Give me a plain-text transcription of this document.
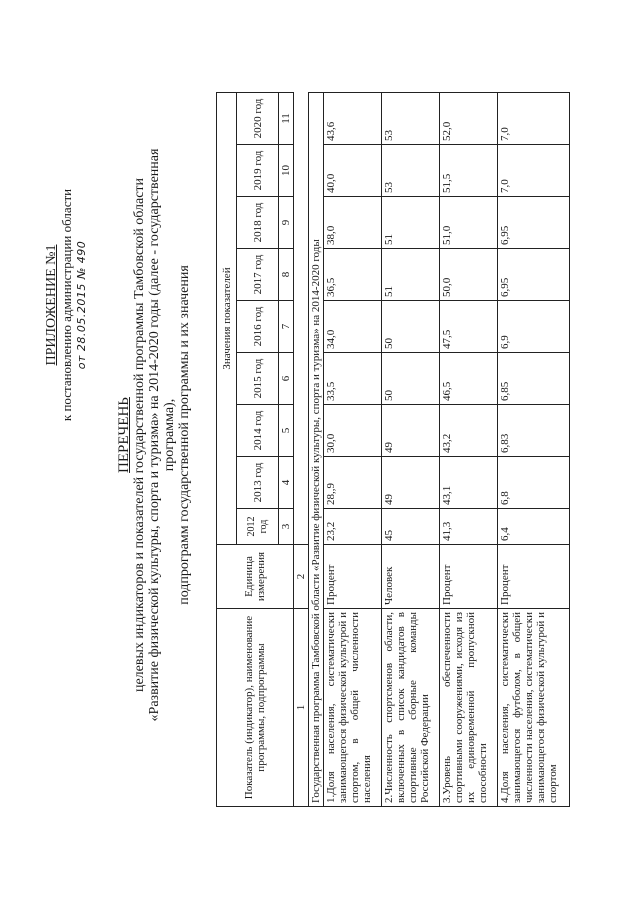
ПРИЛОЖЕНИЕ №1 к постановлению администрации области от 28.05.2015 № 490
ПЕРЕЧЕНЬ целевых индикаторов и показателей государственной программы Тамбовской области «Развитие физической культуры, спорта и туризма» на 2014-2020 годы (далее - государственная программа), подпрограмм государственной программы и их значения
Показатель (индикатор), наименование программы, подпрограммы	Единица измерения	Значения показателей								
		2012 год	2013 год	2014 год	2015 год	2016 год	2017 год	2018 год	2019 год	2020 год
		3	4	5	6	7	8	9	10	11
1	2									
Государственная программа Тамбовской области «Развитие физической культуры, спорта и туризма» на 2014-2020 годы										
1.Доля населения, систематически занимающегося физической культурой и спортом, в общей численности населения	Процент	23,2	28,,9	30,0	33,5	34,0	36,5	38,0	40,0	43,6
2.Численность спортсменов области, включенных в список кандидатов в спортивные сборные команды Российской Федерации	Человек	45	49	49	50	50	51	51	53	53
3.Уровень обеспеченности спортивными сооружениями, исходя из их единовременной пропускной способности	Процент	41,3	43,1	43,2	46,5	47,5	50,0	51,0	51,5	52,0
4.Доля населения, систематически занимающегося футболом, в общей численности населения, систематически занимающегося физической культурой и спортом	Процент	6,4	6,8	6,83	6,85	6,9	6,95	6,95	7,0	7,0
